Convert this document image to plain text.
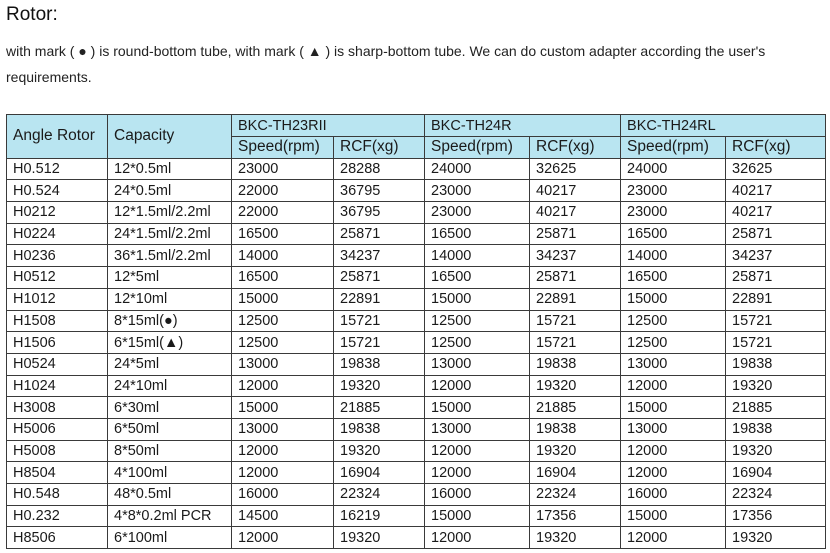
Rotor:
with mark ( ● ) is round-bottom tube, with mark ( ▲ ) is sharp-bottom tube. We can do custom adapter according the user's requirements.
Angle Rotor	Capacity	BKC-TH23RII		BKC-TH24R		BKC-TH24RL	
		Speed(rpm)	RCF(xg)	Speed(rpm)	RCF(xg)	Speed(rpm)	RCF(xg)
H0.512	12*0.5ml	23000	28288	24000	32625	24000	32625
H0.524	24*0.5ml	22000	36795	23000	40217	23000	40217
H0212	12*1.5ml/2.2ml	22000	36795	23000	40217	23000	40217
H0224	24*1.5ml/2.2ml	16500	25871	16500	25871	16500	25871
H0236	36*1.5ml/2.2ml	14000	34237	14000	34237	14000	34237
H0512	12*5ml	16500	25871	16500	25871	16500	25871
H1012	12*10ml	15000	22891	15000	22891	15000	22891
H1508	8*15ml(●)	12500	15721	12500	15721	12500	15721
H1506	6*15ml(▲)	12500	15721	12500	15721	12500	15721
H0524	24*5ml	13000	19838	13000	19838	13000	19838
H1024	24*10ml	12000	19320	12000	19320	12000	19320
H3008	6*30ml	15000	21885	15000	21885	15000	21885
H5006	6*50ml	13000	19838	13000	19838	13000	19838
H5008	8*50ml	12000	19320	12000	19320	12000	19320
H8504	4*100ml	12000	16904	12000	16904	12000	16904
H0.548	48*0.5ml	16000	22324	16000	22324	16000	22324
H0.232	4*8*0.2ml PCR	14500	16219	15000	17356	15000	17356
H8506	6*100ml	12000	19320	12000	19320	12000	19320
